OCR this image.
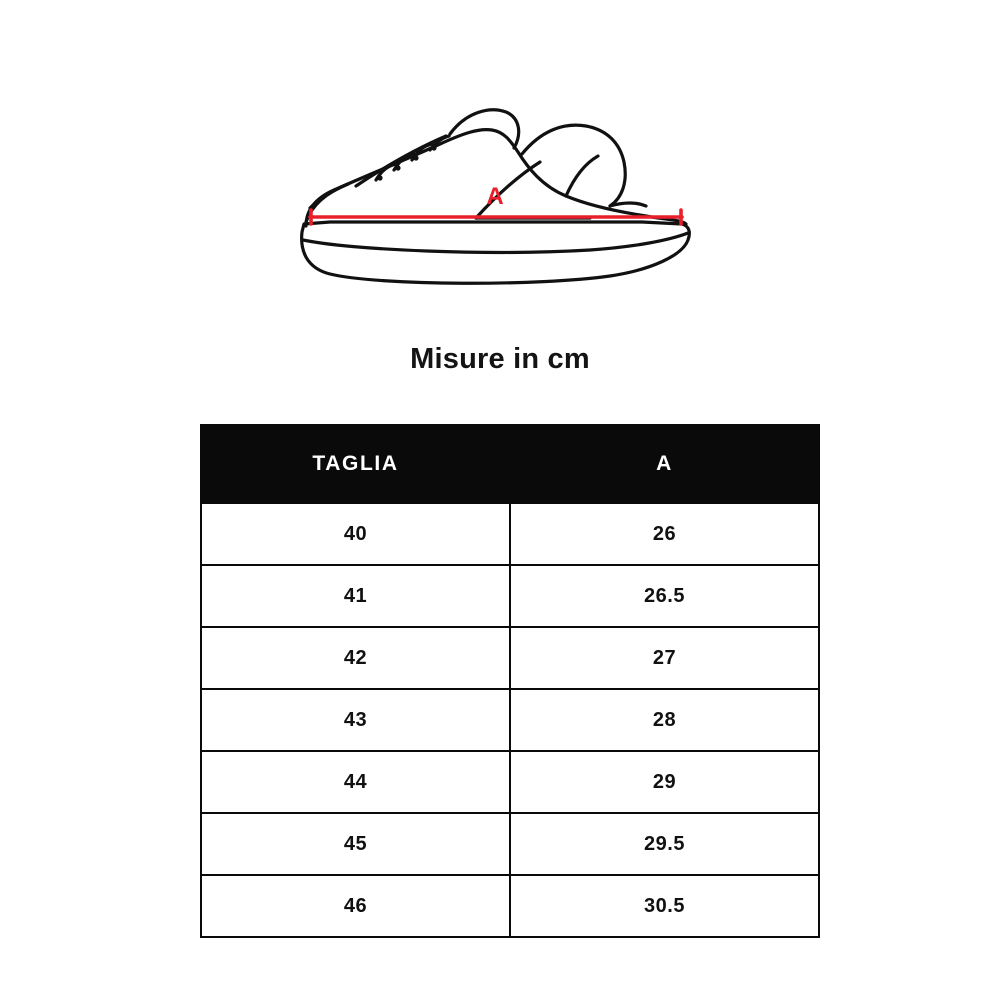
A
Misure in cm
TAGLIA	A
40	26
41	26.5
42	27
43	28
44	29
45	29.5
46	30.5
